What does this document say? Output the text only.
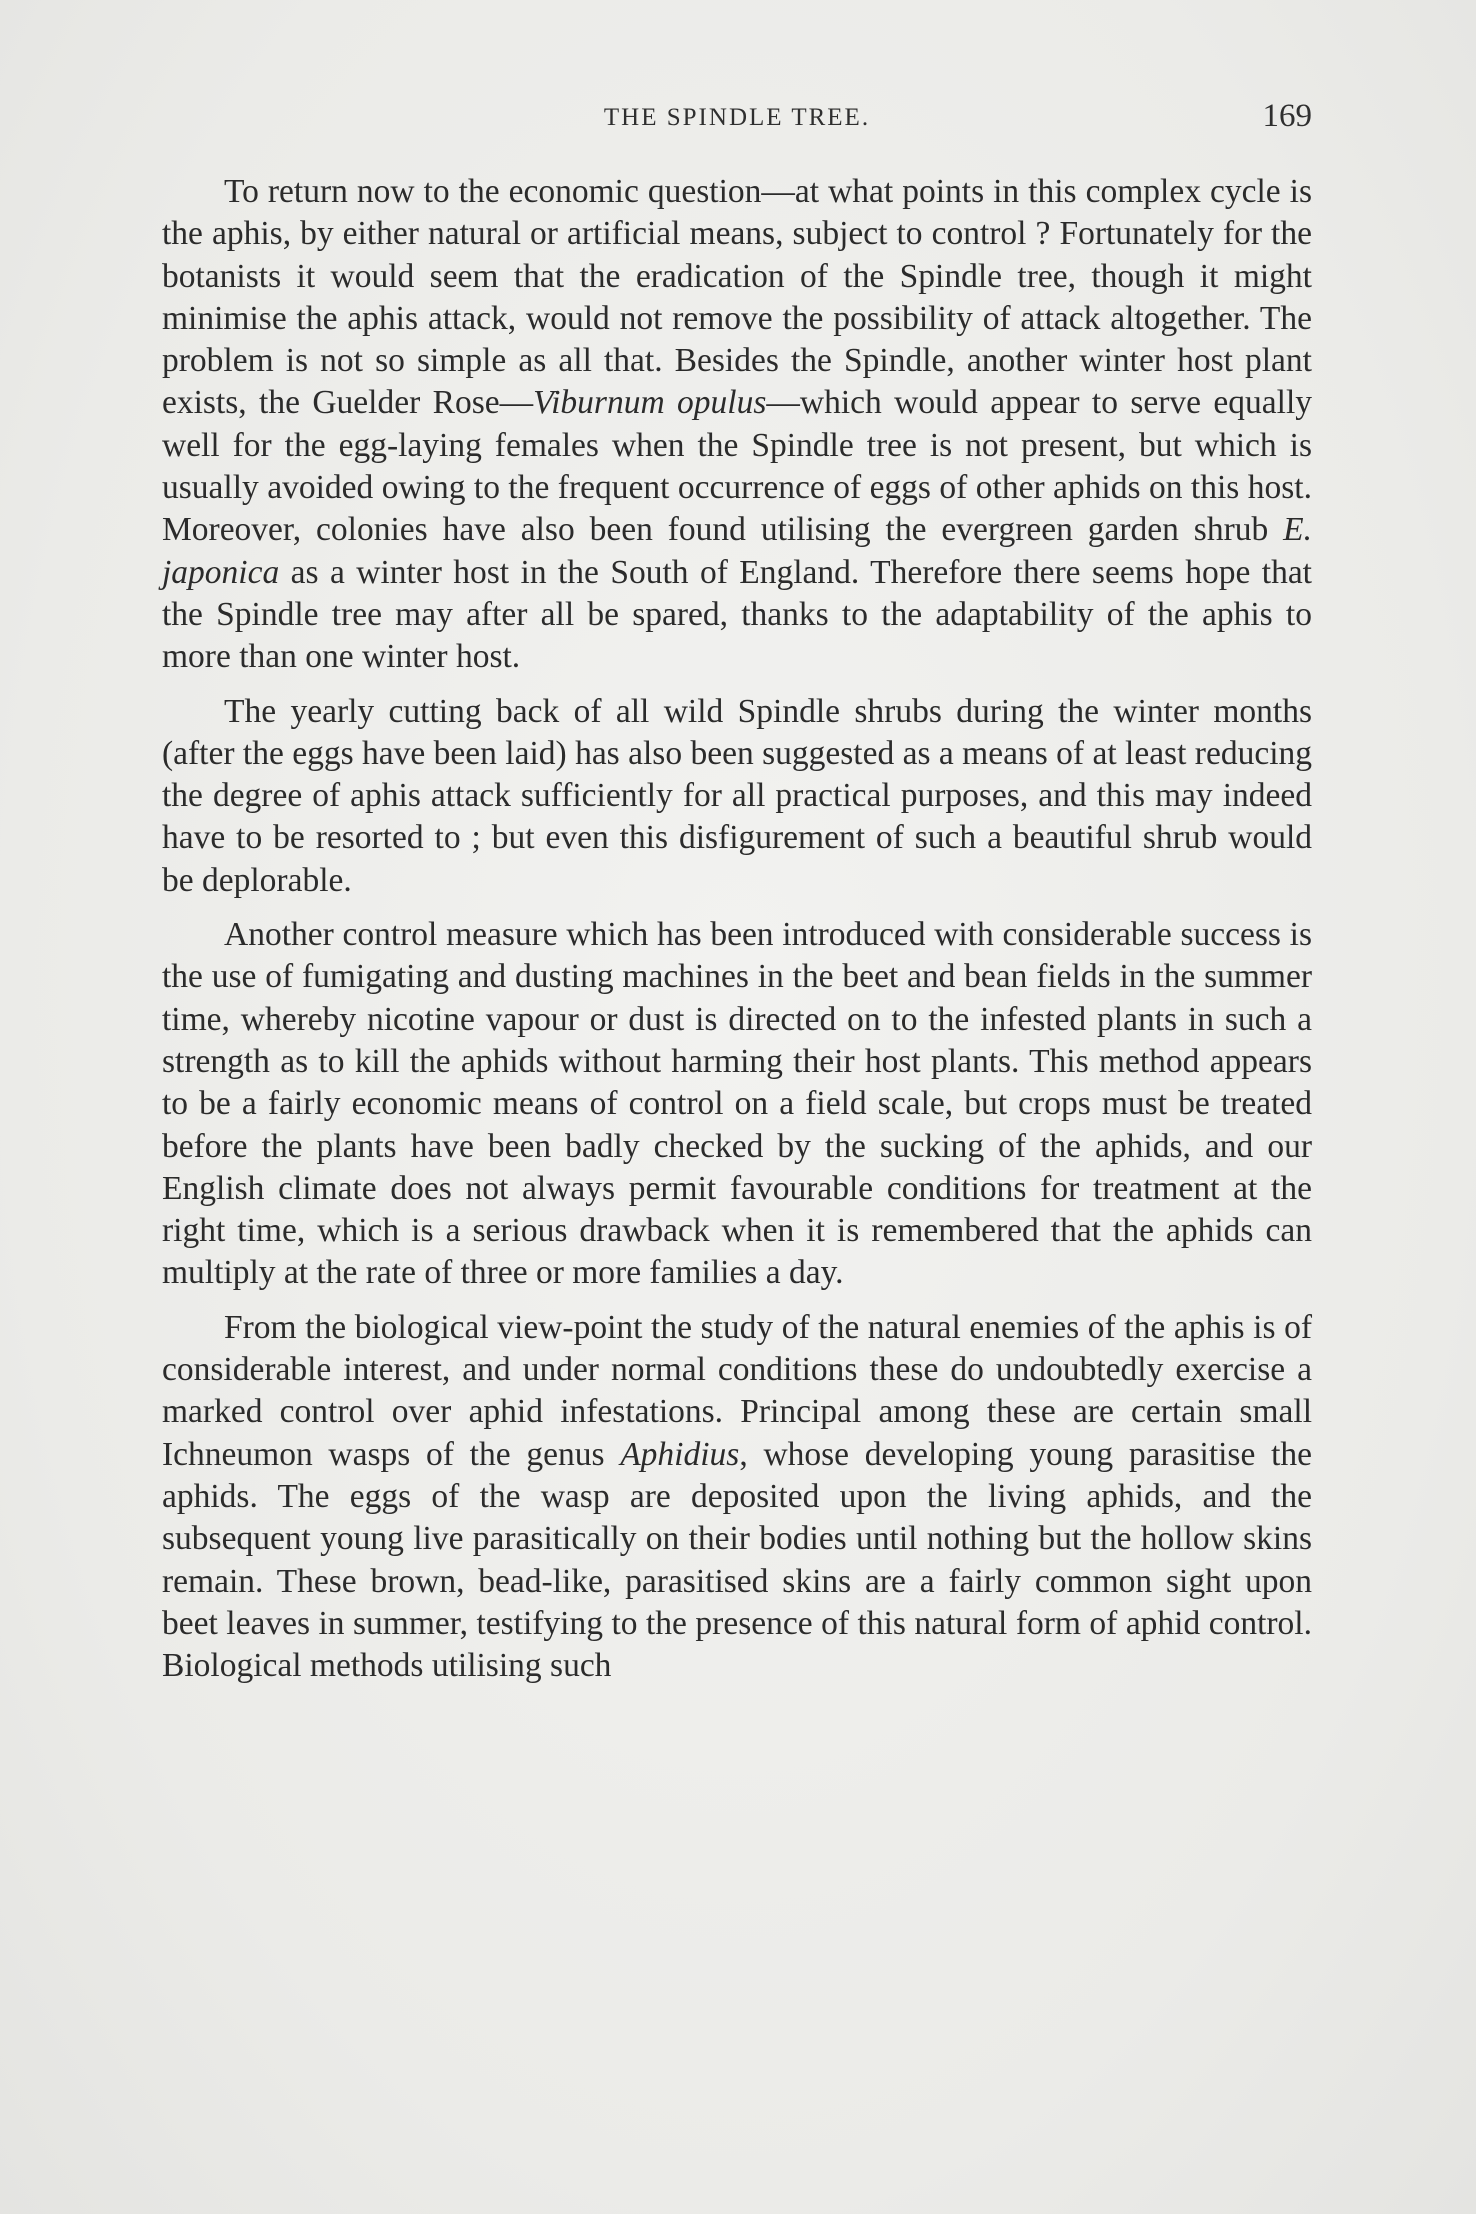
THE SPINDLE TREE.	169

To return now to the economic question—at what points in this complex cycle is the aphis, by either natural or artificial means, subject to control ? Fortunately for the botanists it would seem that the eradication of the Spindle tree, though it might minimise the aphis attack, would not remove the possibility of attack altogether. The problem is not so simple as all that. Besides the Spindle, another winter host plant exists, the Guelder Rose—Viburnum opulus—which would appear to serve equally well for the egg-laying females when the Spindle tree is not present, but which is usually avoided owing to the frequent occurrence of eggs of other aphids on this host. Moreover, colonies have also been found utilising the evergreen garden shrub E. japonica as a winter host in the South of England. Therefore there seems hope that the Spindle tree may after all be spared, thanks to the adaptability of the aphis to more than one winter host.

The yearly cutting back of all wild Spindle shrubs during the winter months (after the eggs have been laid) has also been suggested as a means of at least reducing the degree of aphis attack sufficiently for all practical purposes, and this may indeed have to be resorted to ; but even this disfigurement of such a beautiful shrub would be deplorable.

Another control measure which has been introduced with considerable success is the use of fumigating and dusting machines in the beet and bean fields in the summer time, whereby nicotine vapour or dust is directed on to the infested plants in such a strength as to kill the aphids without harming their host plants. This method appears to be a fairly economic means of control on a field scale, but crops must be treated before the plants have been badly checked by the sucking of the aphids, and our English climate does not always permit favourable conditions for treatment at the right time, which is a serious drawback when it is remembered that the aphids can multiply at the rate of three or more families a day.

From the biological view-point the study of the natural enemies of the aphis is of considerable interest, and under normal conditions these do undoubtedly exercise a marked control over aphid infestations. Principal among these are certain small Ichneumon wasps of the genus Aphidius, whose developing young parasitise the aphids. The eggs of the wasp are deposited upon the living aphids, and the subsequent young live parasitically on their bodies until nothing but the hollow skins remain. These brown, bead-like, parasitised skins are a fairly common sight upon beet leaves in summer, testifying to the presence of this natural form of aphid control. Biological methods utilising such
